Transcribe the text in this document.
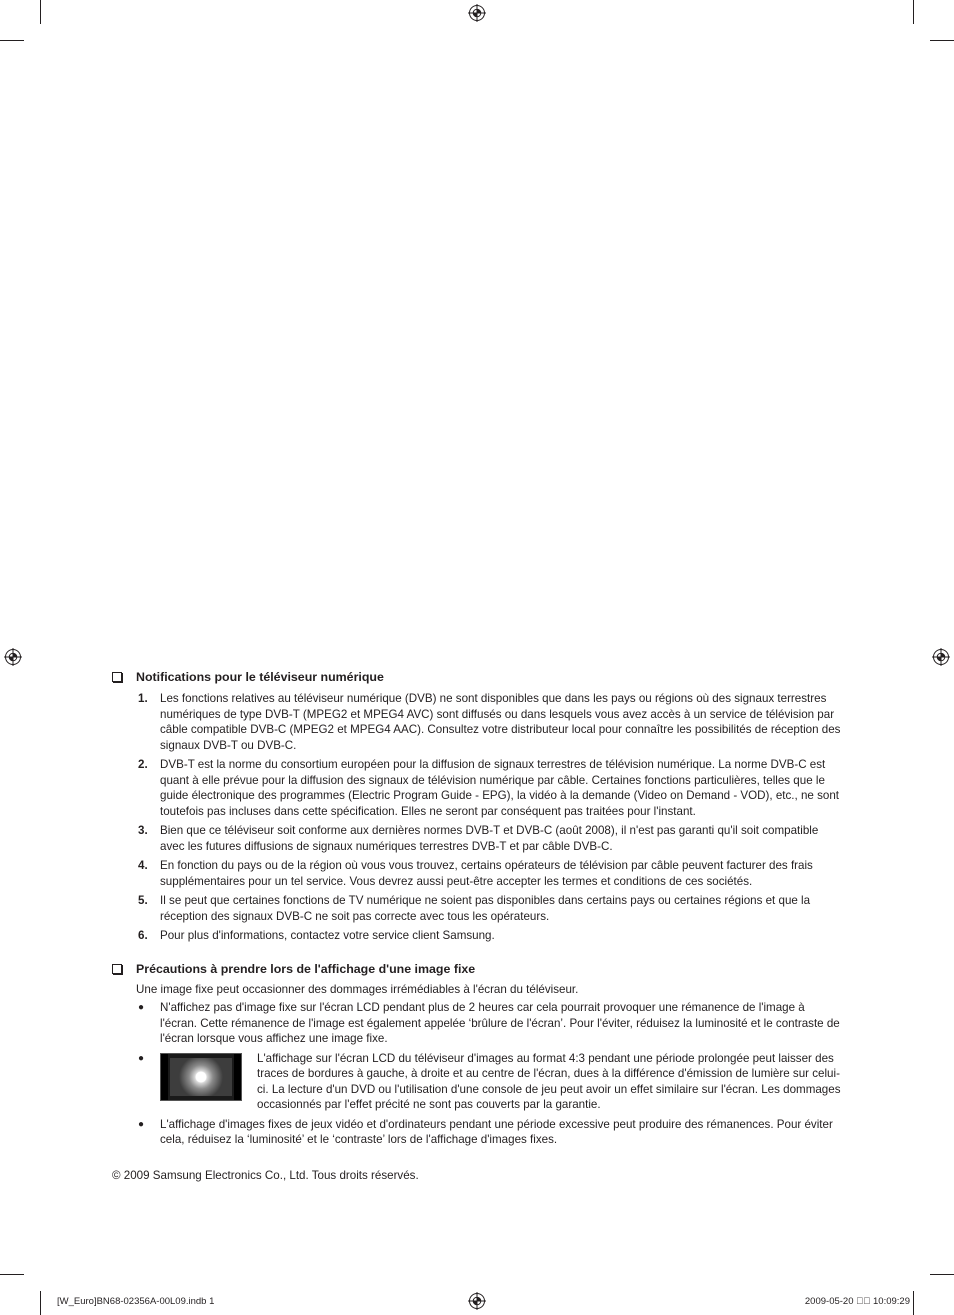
Notifications pour le téléviseur numérique
1. Les fonctions relatives au téléviseur numérique (DVB) ne sont disponibles que dans les pays ou régions où des signaux terrestres numériques de type DVB-T (MPEG2 et MPEG4 AVC) sont diffusés ou dans lesquels vous avez accès à un service de télévision par câble compatible DVB-C (MPEG2 et MPEG4 AAC). Consultez votre distributeur local pour connaître les possibilités de réception des signaux DVB-T ou DVB-C.
2. DVB-T est la norme du consortium européen pour la diffusion de signaux terrestres de télévision numérique. La norme DVB-C est quant à elle prévue pour la diffusion des signaux de télévision numérique par câble. Certaines fonctions particulières, telles que le guide électronique des programmes (Electric Program Guide - EPG), la vidéo à la demande (Video on Demand - VOD), etc., ne sont toutefois pas incluses dans cette spécification. Elles ne seront par conséquent pas traitées pour l'instant.
3. Bien que ce téléviseur soit conforme aux dernières normes DVB-T et DVB-C (août 2008), il n'est pas garanti qu'il soit compatible avec les futures diffusions de signaux numériques terrestres DVB-T et par câble DVB-C.
4. En fonction du pays ou de la région où vous vous trouvez, certains opérateurs de télévision par câble peuvent facturer des frais supplémentaires pour un tel service. Vous devrez aussi peut-être accepter les termes et conditions de ces sociétés.
5. Il se peut que certaines fonctions de TV numérique ne soient pas disponibles dans certains pays ou certaines régions et que la réception des signaux DVB-C ne soit pas correcte avec tous les opérateurs.
6. Pour plus d'informations, contactez votre service client Samsung.
Précautions à prendre lors de l'affichage d'une image fixe
Une image fixe peut occasionner des dommages irrémédiables à l'écran du téléviseur.
● N'affichez pas d'image fixe sur l'écran LCD pendant plus de 2 heures car cela pourrait provoquer une rémanence de l'image à l'écran. Cette rémanence de l'image est également appelée ‘brûlure de l'écran’. Pour l'éviter, réduisez la luminosité et le contraste de l'écran lorsque vous affichez une image fixe.
●	L'affichage sur l'écran LCD du téléviseur d'images au format 4:3 pendant une période prolongée peut laisser des traces de bordures à gauche, à droite et au centre de l'écran, dues à la différence d'émission de lumière sur celui-ci. La lecture d'un DVD ou l'utilisation d'une console de jeu peut avoir un effet similaire sur l'écran. Les dommages occasionnés par l'effet précité ne sont pas couverts par la garantie.
● L'affichage d'images fixes de jeux vidéo et d'ordinateurs pendant une période excessive peut produire des rémanences. Pour éviter cela, réduisez la ‘luminosité’ et le ‘contraste’ lors de l'affichage d'images fixes.
© 2009 Samsung Electronics Co., Ltd. Tous droits réservés.
[W_Euro]BN68-02356A-00L09.indb 1	2009-05-20 ￿￿ 10:09:29
